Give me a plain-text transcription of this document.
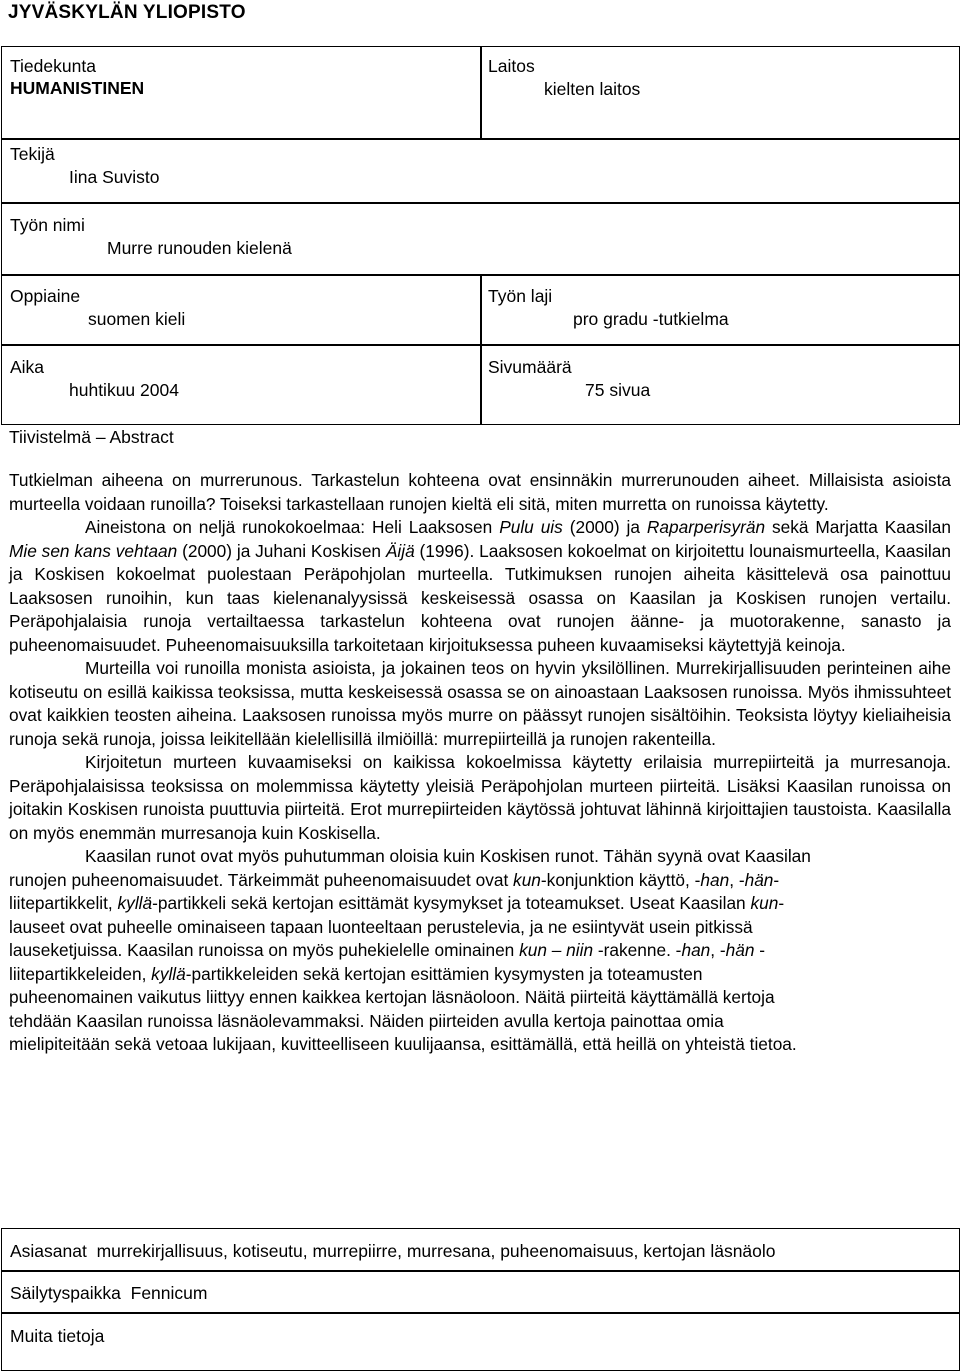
JYVÄSKYLÄN YLIOPISTO
Tiedekunta
HUMANISTINEN
Laitos
kielten laitos
Tekijä
Iina Suvisto
Työn nimi
Murre runouden kielenä
Oppiaine
suomen kieli
Työn laji
pro gradu -tutkielma
Aika
huhtikuu 2004
Sivumäärä
75 sivua
Tiivistelmä – Abstract

Tutkielman aiheena on murrerunous. Tarkastelun kohteena ovat ensinnäkin murrerunouden aiheet. Millaisista asioista murteella voidaan runoilla? Toiseksi tarkastellaan runojen kieltä eli sitä, miten murretta on runoissa käytetty.

Aineistona on neljä runokokoelmaa: Heli Laaksosen Pulu uis (2000) ja Raparperisyrän sekä Marjatta Kaasilan Mie sen kans vehtaan (2000) ja Juhani Koskisen Äijä (1996). Laaksosen kokoelmat on kirjoitettu lounaismurteella, Kaasilan ja Koskisen kokoelmat puolestaan Peräpohjolan murteella. Tutkimuksen runojen aiheita käsittelevä osa painottuu Laaksosen runoihin, kun taas kielenanalyysissä keskeisessä osassa on Kaasilan ja Koskisen runojen vertailu. Peräpohjalaisia runoja vertailtaessa tarkastelun kohteena ovat runojen äänne- ja muotorakenne, sanasto ja puheenomaisuudet. Puheenomaisuuksilla tarkoitetaan kirjoituksessa puheen kuvaamiseksi käytettyjä keinoja.

Murteilla voi runoilla monista asioista, ja jokainen teos on hyvin yksilöllinen. Murrekirjallisuuden perinteinen aihe kotiseutu on esillä kaikissa teoksissa, mutta keskeisessä osassa se on ainoastaan Laaksosen runoissa. Myös ihmissuhteet ovat kaikkien teosten aiheina. Laaksosen runoissa myös murre on päässyt runojen sisältöihin. Teoksista löytyy kieliaiheisia runoja sekä runoja, joissa leikitellään kielellisillä ilmiöillä: murrepiirteillä ja runojen rakenteilla.

Kirjoitetun murteen kuvaamiseksi on kaikissa kokoelmissa käytetty erilaisia murrepiirteitä ja murresanoja. Peräpohjalaisissa teoksissa on molemmissa käytetty yleisiä Peräpohjolan murteen piirteitä. Lisäksi Kaasilan runoissa on joitakin Koskisen runoista puuttuvia piirteitä. Erot murrepiirteiden käytössä johtuvat lähinnä kirjoittajien taustoista. Kaasilalla on myös enemmän murresanoja kuin Koskisella.

Kaasilan runot ovat myös puhutumman oloisia kuin Koskisen runot. Tähän syynä ovat Kaasilan
runojen puheenomaisuudet. Tärkeimmät puheenomaisuudet ovat kun-konjunktion käyttö, -han, -hän-
liitepartikkelit, kyllä-partikkeli sekä kertojan esittämät kysymykset ja toteamukset. Useat Kaasilan kun-
lauseet ovat puheelle ominaiseen tapaan luonteeltaan perustelevia, ja ne esiintyvät usein pitkissä
lauseketjuissa. Kaasilan runoissa on myös puhekielelle ominainen kun – niin -rakenne. -han, -hän -
liitepartikkeleiden, kyllä-partikkeleiden sekä kertojan esittämien kysymysten ja toteamusten
puheenomainen vaikutus liittyy ennen kaikkea kertojan läsnäoloon. Näitä piirteitä käyttämällä kertoja
tehdään Kaasilan runoissa läsnäolevammaksi. Näiden piirteiden avulla kertoja painottaa omia
mielipiteitään sekä vetoaa lukijaan, kuvitteelliseen kuulijaansa, esittämällä, että heillä on yhteistä tietoa.
Asiasanat murrekirjallisuus, kotiseutu, murrepiirre, murresana, puheenomaisuus, kertojan läsnäolo
Säilytyspaikka Fennicum
Muita tietoja
